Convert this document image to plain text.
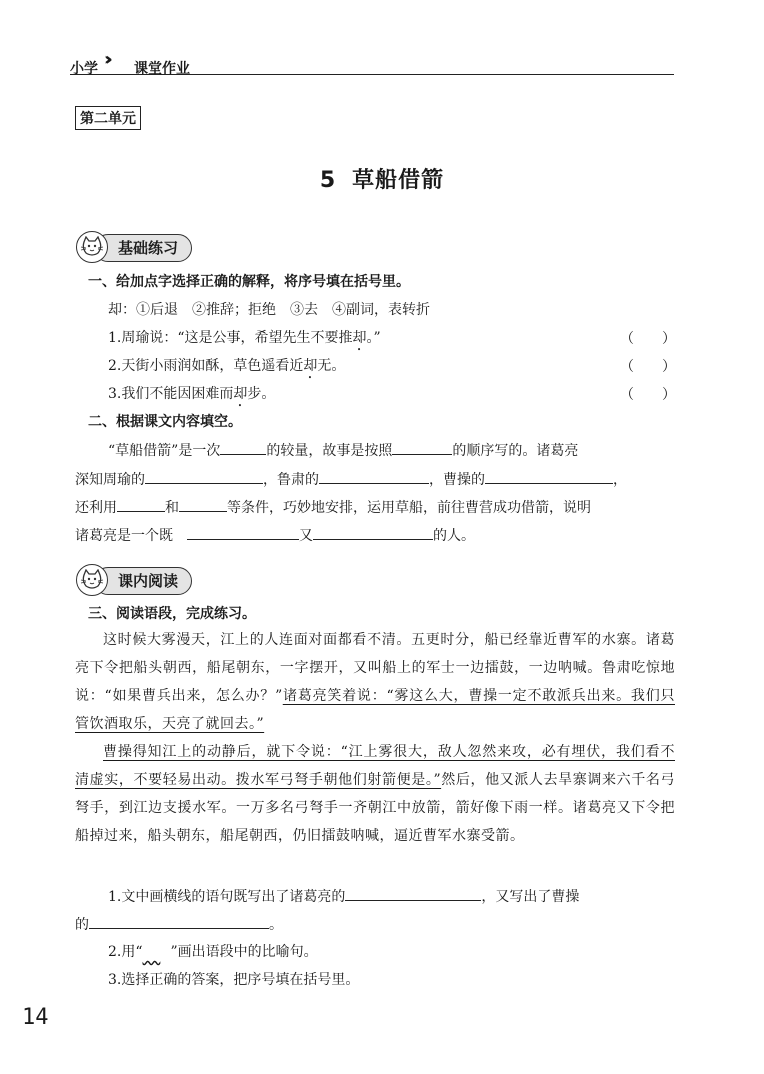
小学 ›› 课堂作业
第二单元
5 草船借箭
基础练习
一、给加点字选择正确的解释，将序号填在括号里。
却：①后退　②推辞；拒绝　③去　④副词，表转折
1.周瑜说：“这是公事，希望先生不要推却。”	（　　）
2.天街小雨润如酥，草色遥看近却无。	（　　）
3.我们不能因困难而却步。	（　　）
二、根据课文内容填空。
“草船借箭”是一次	的较量，故事是按照	的顺序写的。诸葛亮
深知周瑜的	，鲁肃的	，曹操的	，
还利用	和	等条件，巧妙地安排，运用草船，前往曹营成功借箭，说明
诸葛亮是一个既　	又	的人。
课内阅读
三、阅读语段，完成练习。
这时候大雾漫天，江上的人连面对面都看不清。五更时分，船已经靠近曹军的水寨。诸葛亮下令把船头朝西，船尾朝东，一字摆开，又叫船上的军士一边擂鼓，一边呐喊。鲁肃吃惊地说：“如果曹兵出来，怎么办？”诸葛亮笑着说：“雾这么大，曹操一定不敢派兵出来。我们只管饮酒取乐，天亮了就回去。”
曹操得知江上的动静后，就下令说：“江上雾很大，敌人忽然来攻，必有埋伏，我们看不清虚实，不要轻易出动。拨水军弓弩手朝他们射箭便是。”然后，他又派人去旱寨调来六千名弓弩手，到江边支援水军。一万多名弓弩手一齐朝江中放箭，箭好像下雨一样。诸葛亮又下令把船掉过来，船头朝东，船尾朝西，仍旧擂鼓呐喊，逼近曹军水寨受箭。
1.文中画横线的语句既写出了诸葛亮的	，又写出了曹操
的	。
2.用“   ”画出语段中的比喻句。
3.选择正确的答案，把序号填在括号里。
14
